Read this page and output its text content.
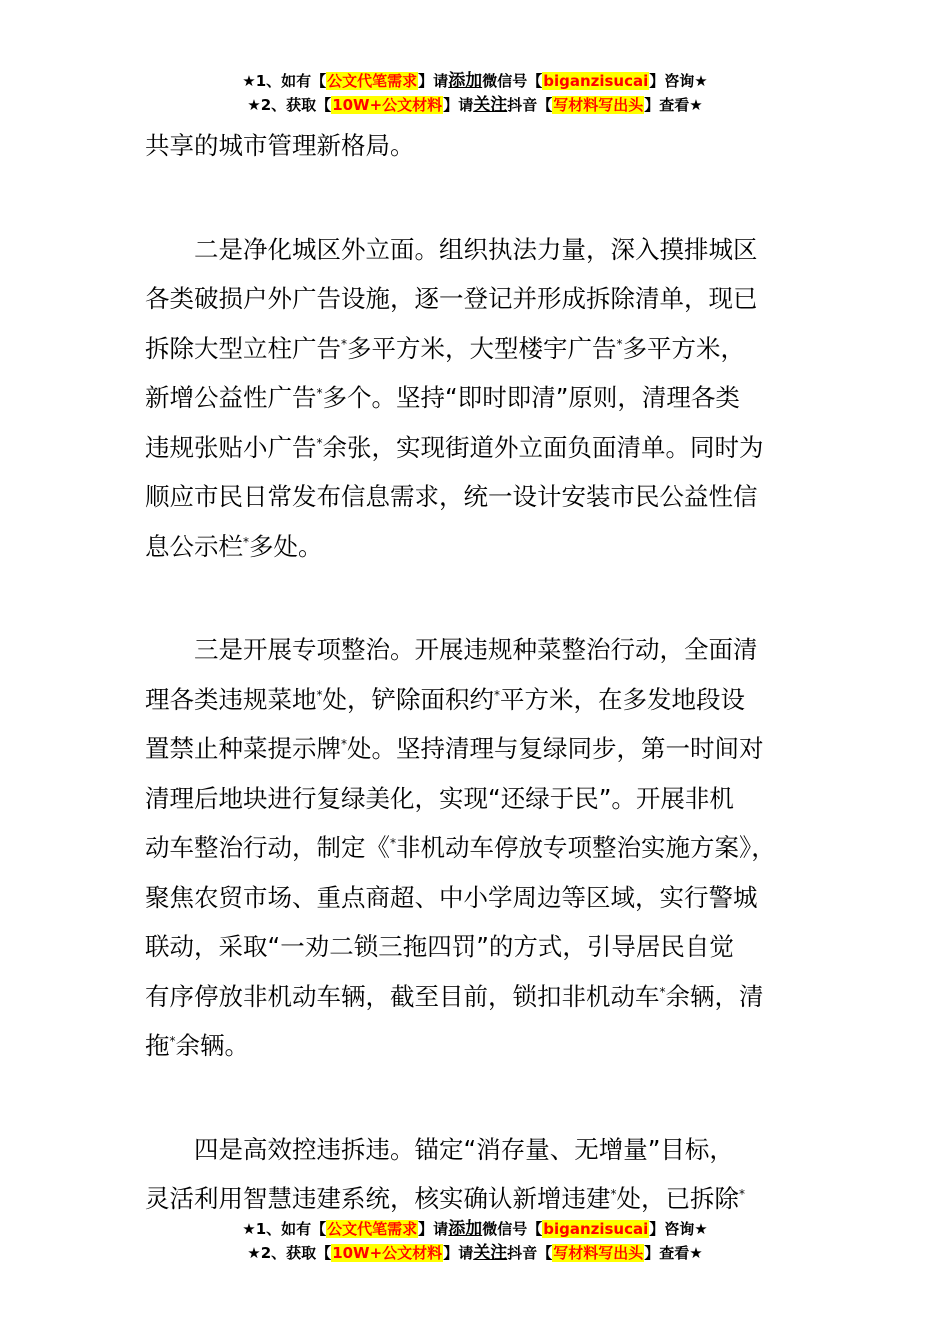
★1、如有【公文代笔需求】请添加微信号【biganzisucai】咨询★
★2、获取【10W+公文材料】请关注抖音【写材料写出头】查看★
共享的城市管理新格局。
　　二是净化城区外立面。组织执法力量，深入摸排城区
各类破损户外广告设施，逐一登记并形成拆除清单，现已
拆除大型立柱广告*多平方米，大型楼宇广告*多平方米，
新增公益性广告*多个。坚持“即时即清”原则，清理各类
违规张贴小广告*余张，实现街道外立面负面清单。同时为
顺应市民日常发布信息需求，统一设计安装市民公益性信
息公示栏*多处。
　　三是开展专项整治。开展违规种菜整治行动，全面清
理各类违规菜地*处，铲除面积约*平方米，在多发地段设
置禁止种菜提示牌*处。坚持清理与复绿同步，第一时间对
清理后地块进行复绿美化，实现“还绿于民”。开展非机
动车整治行动，制定《*非机动车停放专项整治实施方案》，
聚焦农贸市场、重点商超、中小学周边等区域，实行警城
联动，采取“一劝二锁三拖四罚”的方式，引导居民自觉
有序停放非机动车辆，截至目前，锁扣非机动车*余辆，清
拖*余辆。
　　四是高效控违拆违。锚定“消存量、无增量”目标，
灵活利用智慧违建系统，核实确认新增违建*处，已拆除*
★1、如有【公文代笔需求】请添加微信号【biganzisucai】咨询★
★2、获取【10W+公文材料】请关注抖音【写材料写出头】查看★
